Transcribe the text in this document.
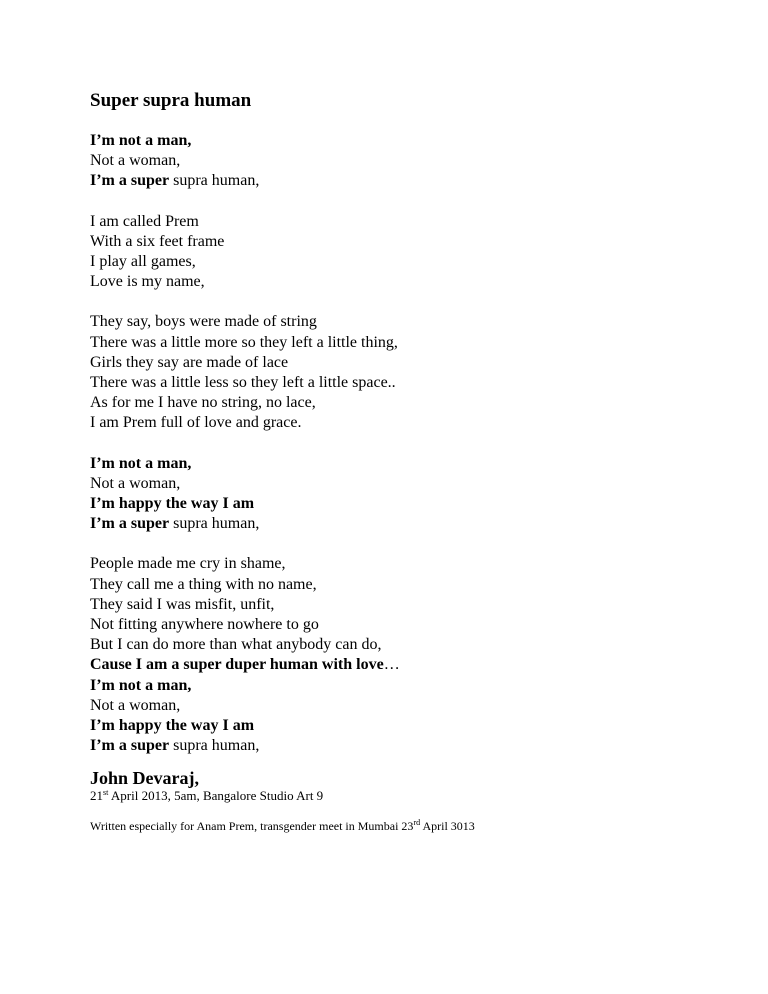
Super supra human
I’m not a man,
Not a woman,
I’m a super supra human,
I am called Prem
With a six feet frame
I play all games,
Love is my name,
They say, boys were made of string
There was a little more so they left a little thing,
Girls they say are made of lace
There was a little less so they left a little space..
As for me I have no string, no lace,
I am Prem full of love and grace.
I’m not a man,
Not a woman,
I’m happy the way I am
I’m a super supra human,
People made me cry in shame,
They call me a thing with no name,
They said I was misfit, unfit,
Not fitting anywhere nowhere to go
But I can do more than what anybody can do,
Cause I am a super duper human with love…
I’m not a man,
Not a woman,
I’m happy the way I am
I’m a super supra human,
John Devaraj,
21st April 2013, 5am, Bangalore Studio Art 9
Written especially for Anam Prem, transgender meet in Mumbai 23rd April 3013
